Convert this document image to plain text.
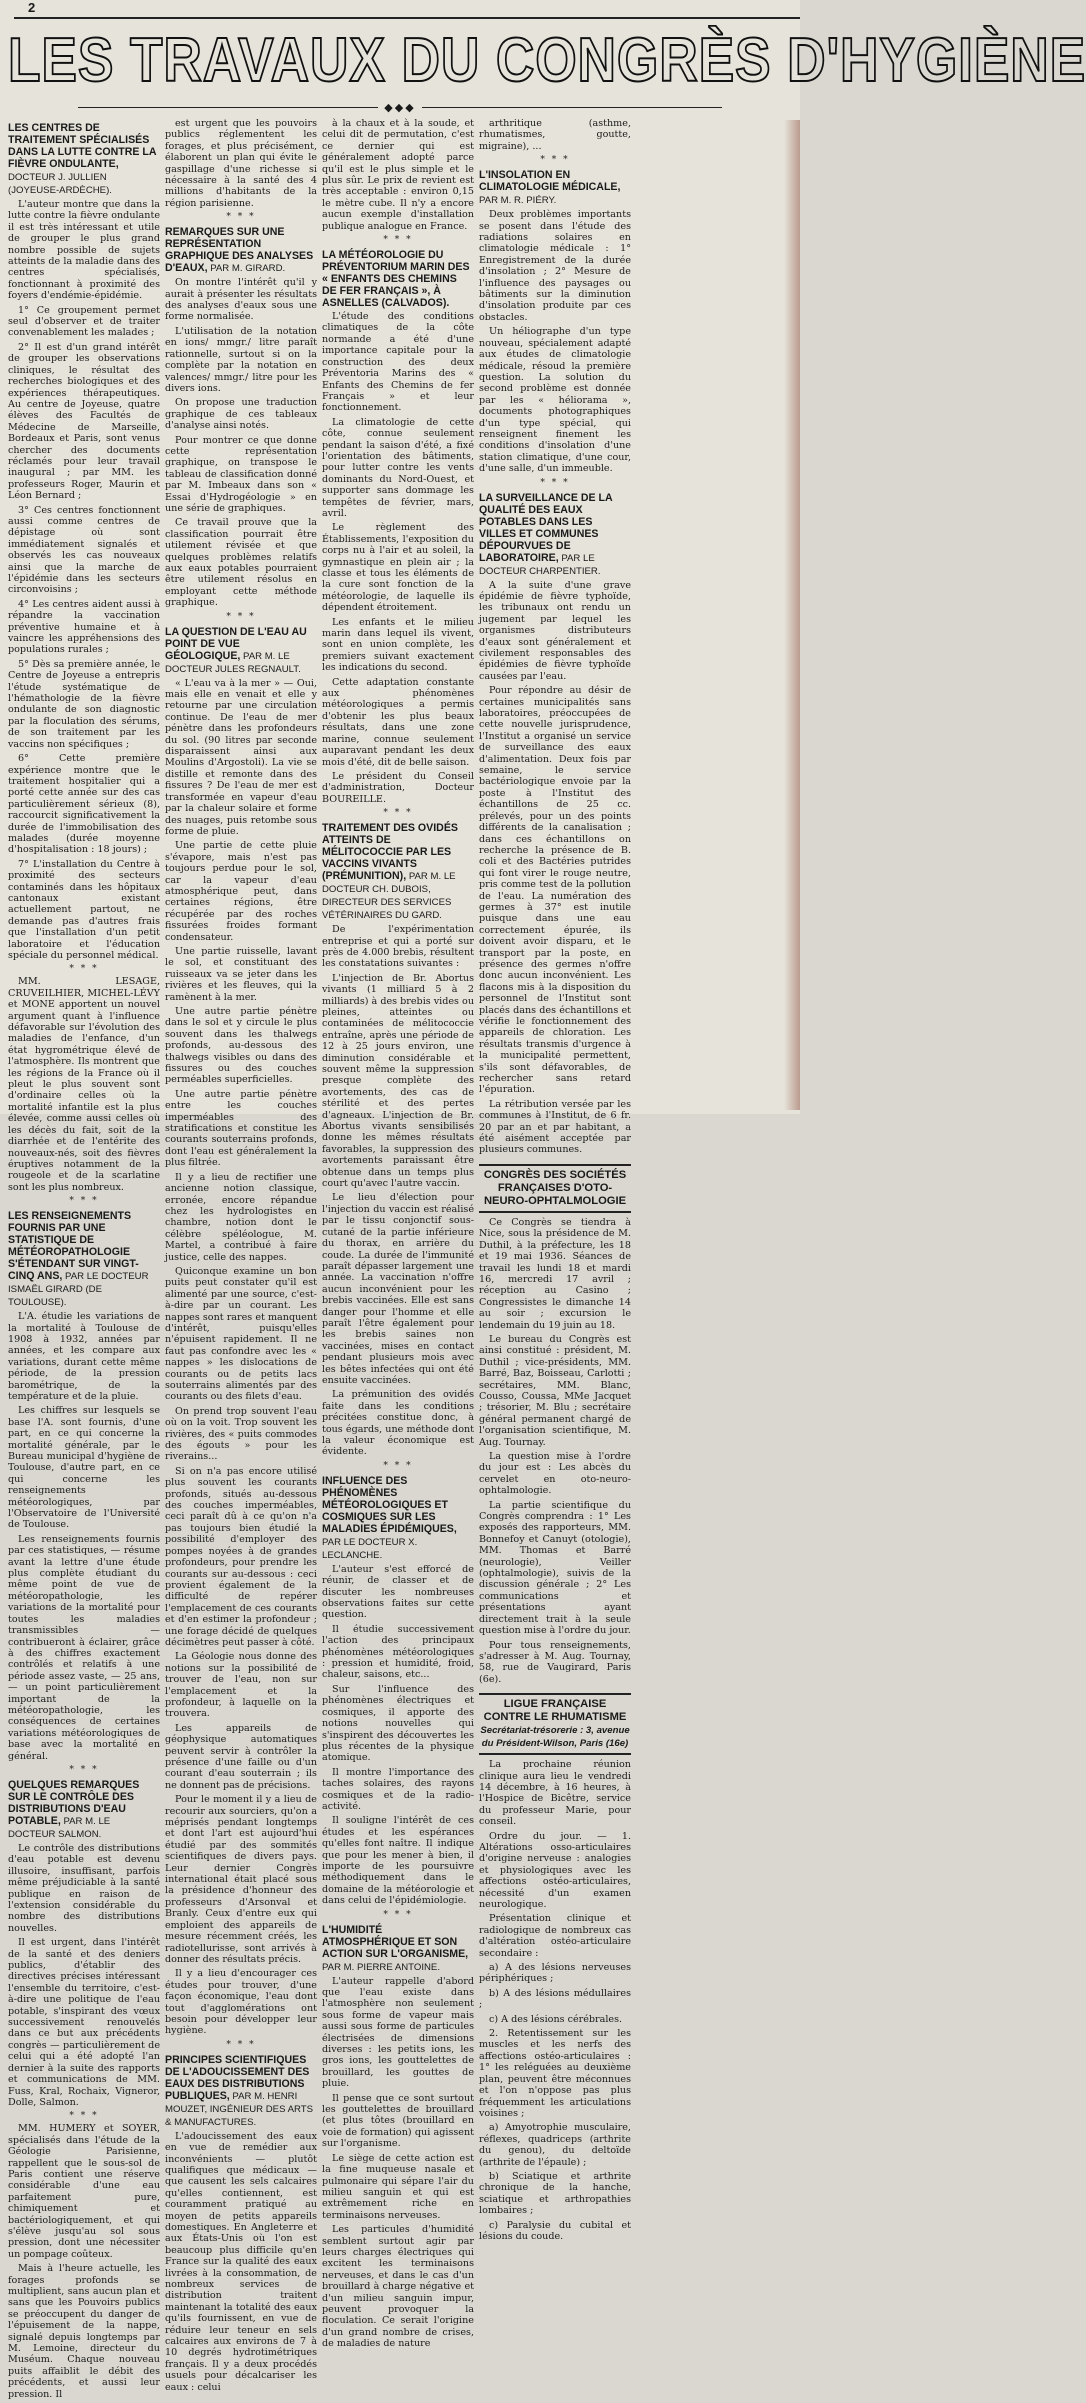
2
LES TRAVAUX DU CONGRÈS D'HYGIÈNE
◆◆◆
LES CENTRES DE TRAITEMENT SPÉCIALISÉS DANS LA LUTTE CONTRE LA FIÈVRE ONDULANTE, DOCTEUR J. JULLIEN (JOYEUSE-ARDÈCHE).

L'auteur montre que dans la lutte contre la fièvre ondulante il est très intéressant et utile de grouper le plus grand nombre possible de sujets atteints de la maladie dans des centres spécialisés, fonctionnant à proximité des foyers d'endémie-épidémie.

1° Ce groupement permet seul d'observer et de traiter convenablement les malades ;

2° Il est d'un grand intérêt de grouper les observations cliniques, le résultat des recherches biologiques et des expériences thérapeutiques. Au centre de Joyeuse, quatre élèves des Facultés de Médecine de Marseille, Bordeaux et Paris, sont venus chercher des documents réclamés pour leur travail inaugural ; par MM. les professeurs Roger, Maurin et Léon Bernard ;

3° Ces centres fonctionnent aussi comme centres de dépistage où sont immédiatement signalés et observés les cas nouveaux ainsi que la marche de l'épidémie dans les secteurs circonvoisins ;

4° Les centres aident aussi à répandre la vaccination préventive humaine et à vaincre les appréhensions des populations rurales ;

5° Dès sa première année, le Centre de Joyeuse a entrepris l'étude systématique de l'hémathologie de la fièvre ondulante de son diagnostic par la floculation des sérums, de son traitement par les vaccins non spécifiques ;

6° Cette première expérience montre que le traitement hospitalier qui a porté cette année sur des cas particulièrement sérieux (8), raccourcit significativement la durée de l'immobilisation des malades (durée moyenne d'hospitalisation : 18 jours) ;

7° L'installation du Centre à proximité des secteurs contaminés dans les hôpitaux cantonaux existant actuellement partout, ne demande pas d'autres frais que l'installation d'un petit laboratoire et l'éducation spéciale du personnel médical.

* * *

MM. LESAGE, CRUVEILHIER, MICHEL-LÉVY et MONE apportent un nouvel argument quant à l'influence défavorable sur l'évolution des maladies de l'enfance, d'un état hygrométrique élevé de l'atmosphère. Ils montrent que les régions de la France où il pleut le plus souvent sont d'ordinaire celles où la mortalité infantile est la plus élevée, comme aussi celles où les décès du fait, soit de la diarrhée et de l'entérite des nouveaux-nés, soit des fièvres éruptives notamment de la rougeole et de la scarlatine sont les plus nombreux.

* * *
LES RENSEIGNEMENTS FOURNIS PAR UNE STATISTIQUE DE MÉTÉOROPATHOLOGIE S'ÉTENDANT SUR VINGT-CINQ ANS, PAR LE DOCTEUR ISMAËL GIRARD (DE TOULOUSE).

L'A. étudie les variations de la mortalité à Toulouse de 1908 à 1932, années par années, et les compare aux variations, durant cette même période, de la pression barométrique, de la température et de la pluie.

Les chiffres sur lesquels se base l'A. sont fournis, d'une part, en ce qui concerne la mortalité générale, par le Bureau municipal d'hygiène de Toulouse, d'autre part, en ce qui concerne les renseignements météorologiques, par l'Observatoire de l'Université de Toulouse.

Les renseignements fournis par ces statistiques, — résume avant la lettre d'une étude plus complète étudiant du même point de vue de météoropathologie, les variations de la mortalité pour toutes les maladies transmissibles — contribueront à éclairer, grâce à des chiffres exactement contrôlés et relatifs à une période assez vaste, — 25 ans, — un point particulièrement important de la météoropathologie, les conséquences de certaines variations météorologiques de base avec la mortalité en général.

* * *
QUELQUES REMARQUES SUR LE CONTRÔLE DES DISTRIBUTIONS D'EAU POTABLE, PAR M. LE DOCTEUR SALMON.

Le contrôle des distributions d'eau potable est devenu illusoire, insuffisant, parfois même préjudiciable à la santé publique en raison de l'extension considérable du nombre des distributions nouvelles.

Il est urgent, dans l'intérêt de la santé et des deniers publics, d'établir des directives précises intéressant l'ensemble du territoire, c'est-à-dire une politique de l'eau potable, s'inspirant des vœux successivement renouvelés dans ce but aux précédents congrès — particulièrement de celui qui a été adopté l'an dernier à la suite des rapports et communications de MM. Fuss, Kral, Rochaix, Vigneror, Dolle, Salmon.

* * *

MM. HUMERY et SOYER, spécialisés dans l'étude de la Géologie Parisienne, rappellent que le sous-sol de Paris contient une réserve considérable d'une eau parfaitement pure, chimiquement et bactériologiquement, et qui s'élève jusqu'au sol sous pression, dont une nécessiter un pompage coûteux.

Mais à l'heure actuelle, les forages profonds se multiplient, sans aucun plan et sans que les Pouvoirs publics se préoccupent du danger de l'épuisement de la nappe, signalé depuis longtemps par M. Lemoine, directeur du Muséum. Chaque nouveau puits affaiblit le débit des précédents, et aussi leur pression. Il

est urgent que les pouvoirs publics réglementent les forages, et plus précisément, élaborent un plan qui évite le gaspillage d'une richesse si nécessaire à la santé des 4 millions d'habitants de la région parisienne.

* * *
REMARQUES SUR UNE REPRÉSENTATION GRAPHIQUE DES ANALYSES D'EAUX, PAR M. GIRARD.

On montre l'intérêt qu'il y aurait à présenter les résultats des analyses d'eaux sous une forme normalisée.

L'utilisation de la notation en ions/ mmgr./ litre paraît rationnelle, surtout si on la complète par la notation en valences/ mmgr./ litre pour les divers ions.

On propose une traduction graphique de ces tableaux d'analyse ainsi notés.

Pour montrer ce que donne cette représentation graphique, on transpose le tableau de classification donné par M. Imbeaux dans son « Essai d'Hydrogéologie » en une série de graphiques.

Ce travail prouve que la classification pourrait être utilement révisée et que quelques problèmes relatifs aux eaux potables pourraient être utilement résolus en employant cette méthode graphique.

* * *
LA QUESTION DE L'EAU AU POINT DE VUE GÉOLOGIQUE, PAR M. LE DOCTEUR JULES REGNAULT.

« L'eau va à la mer » — Oui, mais elle en venait et elle y retourne par une circulation continue. De l'eau de mer pénètre dans les profondeurs du sol. (90 litres par seconde disparaissent ainsi aux Moulins d'Argostoli). La vie se distille et remonte dans des fissures ? De l'eau de mer est transformée en vapeur d'eau par la chaleur solaire et forme des nuages, puis retombe sous forme de pluie.

Une partie de cette pluie s'évapore, mais n'est pas toujours perdue pour le sol, car la vapeur d'eau atmosphérique peut, dans certaines régions, être récupérée par des roches fissurées froides formant condensateur.

Une partie ruisselle, lavant le sol, et constituant des ruisseaux va se jeter dans les rivières et les fleuves, qui la ramènent à la mer.

Une autre partie pénètre dans le sol et y circule le plus souvent dans les thalwegs profonds, au-dessous des thalwegs visibles ou dans des fissures ou des couches perméables superficielles.

Une autre partie pénètre entre les couches imperméables des stratifications et constitue les courants souterrains profonds, dont l'eau est généralement la plus filtrée.

Il y a lieu de rectifier une ancienne notion classique, erronée, encore répandue chez les hydrologistes en chambre, notion dont le célèbre spéléologue, M. Martel, a contribué à faire justice, celle des nappes.

Quiconque examine un bon puits peut constater qu'il est alimenté par une source, c'est-à-dire par un courant. Les nappes sont rares et manquent d'intérêt, puisqu'elles n'épuisent rapidement. Il ne faut pas confondre avec les « nappes » les dislocations de courants ou de petits lacs souterrains alimentés par des courants ou des filets d'eau.

On prend trop souvent l'eau où on la voit. Trop souvent les rivières, des « puits commodes des égouts » pour les riverains...

Si on n'a pas encore utilisé plus souvent les courants profonds, situés au-dessous des couches imperméables, ceci paraît dû à ce qu'on n'a pas toujours bien étudié la possibilité d'employer des pompes noyées à de grandes profondeurs, pour prendre les courants sur au-dessous : ceci provient également de la difficulté de repérer l'emplacement de ces courants et d'en estimer la profondeur ; une forage décidé de quelques décimètres peut passer à côté.

La Géologie nous donne des notions sur la possibilité de trouver de l'eau, non sur l'emplacement et la profondeur, à laquelle on la trouvera.

Les appareils de géophysique automatiques peuvent servir à contrôler la présence d'une faille ou d'un courant d'eau souterrain ; ils ne donnent pas de précisions.

Pour le moment il y a lieu de recourir aux sourciers, qu'on a méprisés pendant longtemps et dont l'art est aujourd'hui étudié par des sommités scientifiques de divers pays. Leur dernier Congrès international était placé sous la présidence d'honneur des professeurs d'Arsonval et Branly. Ceux d'entre eux qui emploient des appareils de mesure récemment créés, les radiotellurisse, sont arrivés à donner des résultats précis.

Il y a lieu d'encourager ces études pour trouver, d'une façon économique, l'eau dont tout d'agglomérations ont besoin pour développer leur hygiène.

* * *
PRINCIPES SCIENTIFIQUES DE L'ADOUCISSEMENT DES EAUX DES DISTRIBUTIONS PUBLIQUES, PAR M. HENRI MOUZET, INGÉNIEUR DES ARTS & MANUFACTURES.

L'adoucissement des eaux en vue de remédier aux inconvénients — plutôt qualifiques que médicaux — que causent les sels calcaires qu'elles contiennent, est couramment pratiqué au moyen de petits appareils domestiques. En Angleterre et aux États-Unis où l'on est beaucoup plus difficile qu'en France sur la qualité des eaux livrées à la consommation, de nombreux services de distribution traitent maintenant la totalité des eaux qu'ils fournissent, en vue de réduire leur teneur en sels calcaires aux environs de 7 à 10 degrés hydrotimétriques français. Il y a deux procédés usuels pour décalcariser les eaux : celui

à la chaux et à la soude, et celui dit de permutation, c'est ce dernier qui est généralement adopté parce qu'il est le plus simple et le plus sûr. Le prix de revient est très acceptable : environ 0,15 le mètre cube. Il n'y a encore aucun exemple d'installation publique analogue en France.

* * *
LA MÉTÉOROLOGIE DU PRÉVENTORIUM MARIN DES « ENFANTS DES CHEMINS DE FER FRANÇAIS », À ASNELLES (CALVADOS).

L'étude des conditions climatiques de la côte normande a été d'une importance capitale pour la construction des deux Préventoria Marins des « Enfants des Chemins de fer Français » et leur fonctionnement.

La climatologie de cette côte, connue seulement pendant la saison d'été, a fixé l'orientation des bâtiments, pour lutter contre les vents dominants du Nord-Ouest, et supporter sans dommage les tempêtes de février, mars, avril.

Le règlement des Établissements, l'exposition du corps nu à l'air et au soleil, la gymnastique en plein air ; la classe et tous les éléments de la cure sont fonction de la météorologie, de laquelle ils dépendent étroitement.

Les enfants et le milieu marin dans lequel ils vivent, sont en union complète, les premiers suivant exactement les indications du second.

Cette adaptation constante aux phénomènes météorologiques a permis d'obtenir les plus beaux résultats, dans une zone marine, connue seulement auparavant pendant les deux mois d'été, dit de belle saison.

Le président du Conseil d'administration, Docteur BOUREILLE.

* * *
TRAITEMENT DES OVIDÉS ATTEINTS DE MÉLITOCOCCIE PAR LES VACCINS VIVANTS (PRÉMUNITION), PAR M. LE DOCTEUR CH. DUBOIS, DIRECTEUR DES SERVICES VÉTÉRINAIRES DU GARD.

De l'expérimentation entreprise et qui a porté sur près de 4.000 brebis, résultent les constatations suivantes :

L'injection de Br. Abortus vivants (1 milliard 5 à 2 milliards) à des brebis vides ou pleines, atteintes ou contaminées de mélitococcie entraîne, après une période de 12 à 25 jours environ, une diminution considérable et souvent même la suppression presque complète des avortements, des cas de stérilité et des pertes d'agneaux. L'injection de Br. Abortus vivants sensibilisés donne les mêmes résultats favorables, la suppression des avortements paraissant être obtenue dans un temps plus court qu'avec l'autre vaccin.

Le lieu d'élection pour l'injection du vaccin est réalisé par le tissu conjonctif sous-cutané de la partie inférieure du thorax, en arrière du coude. La durée de l'immunité paraît dépasser largement une année. La vaccination n'offre aucun inconvénient pour les brebis vaccinées. Elle est sans danger pour l'homme et elle paraît l'être également pour les brebis saines non vaccinées, mises en contact pendant plusieurs mois avec les bêtes infectées qui ont été ensuite vaccinées.

La prémunition des ovidés faite dans les conditions précitées constitue donc, à tous égards, une méthode dont la valeur économique est évidente.

* * *
INFLUENCE DES PHÉNOMÈNES MÉTÉOROLOGIQUES ET COSMIQUES SUR LES MALADIES ÉPIDÉMIQUES, PAR LE DOCTEUR X. LECLANCHE.

L'auteur s'est efforcé de réunir, de classer et de discuter les nombreuses observations faites sur cette question.

Il étudie successivement l'action des principaux phénomènes météorologiques : pression et humidité, froid, chaleur, saisons, etc...

Sur l'influence des phénomènes électriques et cosmiques, il apporte des notions nouvelles qui s'inspirent des découvertes les plus récentes de la physique atomique.

Il montre l'importance des taches solaires, des rayons cosmiques et de la radio-activité.

Il souligne l'intérêt de ces études et les espérances qu'elles font naître. Il indique que pour les mener à bien, il importe de les poursuivre méthodiquement dans le domaine de la météorologie et dans celui de l'épidémiologie.

* * *
L'HUMIDITÉ ATMOSPHÉRIQUE ET SON ACTION SUR L'ORGANISME, PAR M. PIERRE ANTOINE.

L'auteur rappelle d'abord que l'eau existe dans l'atmosphère non seulement sous forme de vapeur mais aussi sous forme de particules électrisées de dimensions diverses : les petits ions, les gros ions, les gouttelettes de brouillard, les gouttes de pluie.

Il pense que ce sont surtout les gouttelettes de brouillard (et plus tôtes (brouillard en voie de formation) qui agissent sur l'organisme.

Le siège de cette action est la fine muqueuse nasale et pulmonaire qui sépare l'air du milieu sanguin et qui est extrêmement riche en terminaisons nerveuses.

Les particules d'humidité semblent surtout agir par leurs charges électriques qui excitent les terminaisons nerveuses, et dans le cas d'un brouillard à charge négative et d'un milieu sanguin impur, peuvent provoquer la floculation. Ce serait l'origine d'un grand nombre de crises, de maladies de nature

arthritique (asthme, rhumatismes, goutte, migraine), ...

* * *
L'INSOLATION EN CLIMATOLOGIE MÉDICALE, PAR M. R. PIÉRY.

Deux problèmes importants se posent dans l'étude des radiations solaires en climatologie médicale : 1° Enregistrement de la durée d'insolation ; 2° Mesure de l'influence des paysages ou bâtiments sur la diminution d'insolation produite par ces obstacles.

Un héliographe d'un type nouveau, spécialement adapté aux études de climatologie médicale, résoud la première question. La solution du second problème est donnée par les « héliorama », documents photographiques d'un type spécial, qui renseignent finement les conditions d'insolation d'une station climatique, d'une cour, d'une salle, d'un immeuble.

* * *
LA SURVEILLANCE DE LA QUALITÉ DES EAUX POTABLES DANS LES VILLES ET COMMUNES DÉPOURVUES DE LABORATOIRE, PAR LE DOCTEUR CHARPENTIER.

A la suite d'une grave épidémie de fièvre typhoïde, les tribunaux ont rendu un jugement par lequel les organismes distributeurs d'eaux sont généralement et civilement responsables des épidémies de fièvre typhoïde causées par l'eau.

Pour répondre au désir de certaines municipalités sans laboratoires, préoccupées de cette nouvelle jurisprudence, l'Institut a organisé un service de surveillance des eaux d'alimentation. Deux fois par semaine, le service bactériologique envoie par la poste à l'Institut des échantillons de 25 cc. prélevés, pour un des points différents de la canalisation ; dans ces échantillons on recherche la présence de B. coli et des Bactéries putrides qui font virer le rouge neutre, pris comme test de la pollution de l'eau. La numération des germes à 37° est inutile puisque dans une eau correctement épurée, ils doivent avoir disparu, et le transport par la poste, en présence des germes n'offre donc aucun inconvénient. Les flacons mis à la disposition du personnel de l'Institut sont placés dans des échantillons et vérifie le fonctionnement des appareils de chloration. Les résultats transmis d'urgence à la municipalité permettent, s'ils sont défavorables, de rechercher sans retard l'épuration.

La rétribution versée par les communes à l'Institut, de 6 fr. 20 par an et par habitant, a été aisément acceptée par plusieurs communes.

CONGRÈS DES SOCIÉTÉS FRANÇAISES D'OTO-NEURO-OPHTALMOLOGIE

Ce Congrès se tiendra à Nice, sous la présidence de M. Duthil, à la préfecture, les 18 et 19 mai 1936. Séances de travail les lundi 18 et mardi 16, mercredi 17 avril ; réception au Casino ; Congressistes le dimanche 14 au soir ; excursion le lendemain du 19 juin au 18.

Le bureau du Congrès est ainsi constitué : président, M. Duthil ; vice-présidents, MM. Barré, Baz, Boisseau, Carlotti ; secrétaires, MM. Blanc, Cousso, Coussa, MMe Jacquet ; trésorier, M. Blu ; secrétaire général permanent chargé de l'organisation scientifique, M. Aug. Tournay.

La question mise à l'ordre du jour est : Les abcès du cervelet en oto-neuro-ophtalmologie.

La partie scientifique du Congrès comprendra : 1° Les exposés des rapporteurs, MM. Bonnefoy et Canuyt (otologie), MM. Thomas et Barré (neurologie), Veiller (ophtalmologie), suivis de la discussion générale ; 2° Les communications et présentations ayant directement trait à la seule question mise à l'ordre du jour.

Pour tous renseignements, s'adresser à M. Aug. Tournay, 58, rue de Vaugirard, Paris (6e).

LIGUE FRANÇAISE CONTRE LE RHUMATISME
Secrétariat-trésorerie : 3, avenue du Président-Wilson, Paris (16e)

La prochaine réunion clinique aura lieu le vendredi 14 décembre, à 16 heures, à l'Hospice de Bicêtre, service du professeur Marie, pour conseil.

Ordre du jour. — 1. Altérations osso-articulaires d'origine nerveuse : analogies et physiologiques avec les affections ostéo-articulaires, nécessité d'un examen neurologique.

Présentation clinique et radiologique de nombreux cas d'altération ostéo-articulaire secondaire :

a) A des lésions nerveuses périphériques ;

b) A des lésions médullaires ;

c) A des lésions cérébrales.

2. Retentissement sur les muscles et les nerfs des affections ostéo-articulaires : 1° les reléguées au deuxième plan, peuvent être méconnues et l'on n'oppose pas plus fréquemment les articulations voisines ;

a) Amyotrophie musculaire, réflexes, quadriceps (arthrite du genou), du deltoïde (arthrite de l'épaule) ;

b) Sciatique et arthrite chronique de la hanche, sciatique et arthropathies lombaires ;

c) Paralysie du cubital et lésions du coude.
